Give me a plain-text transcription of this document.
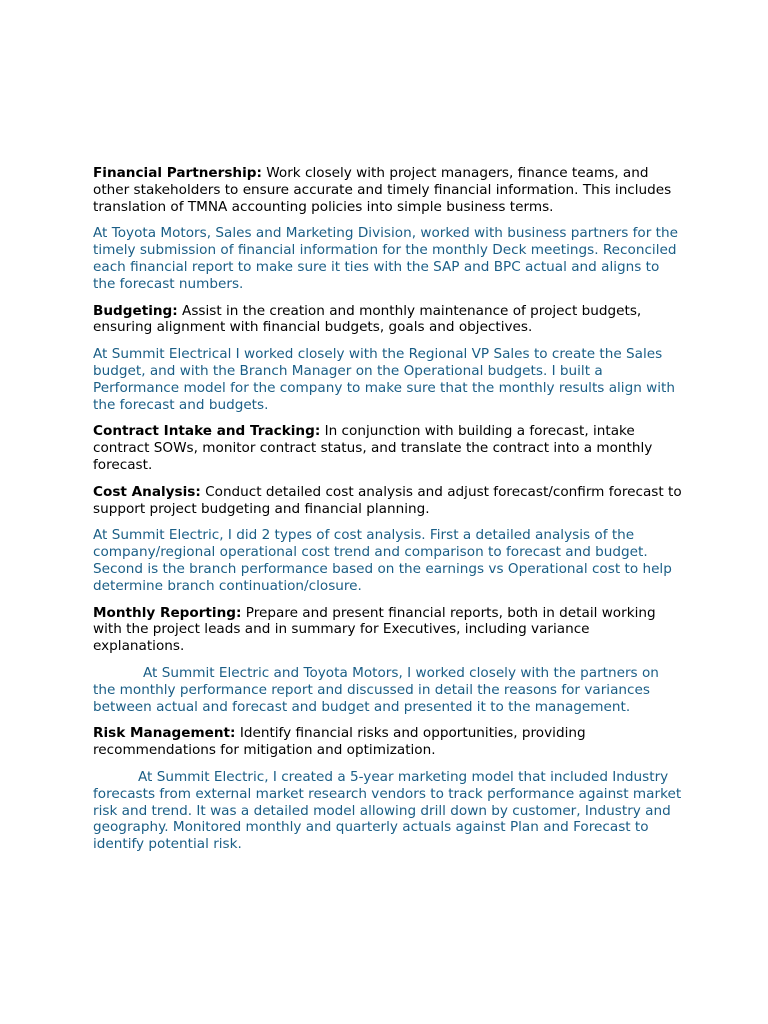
Financial Partnership: Work closely with project managers, finance teams, and other stakeholders to ensure accurate and timely financial information. This includes translation of TMNA accounting policies into simple business terms.

At Toyota Motors, Sales and Marketing Division, worked with business partners for the timely submission of financial information for the monthly Deck meetings. Reconciled each financial report to make sure it ties with the SAP and BPC actual and aligns to the forecast numbers.

Budgeting: Assist in the creation and monthly maintenance of project budgets, ensuring alignment with financial budgets, goals and objectives.

At Summit Electrical I worked closely with the Regional VP Sales to create the Sales budget, and with the Branch Manager on the Operational budgets. I built a Performance model for the company to make sure that the monthly results align with the forecast and budgets.

Contract Intake and Tracking: In conjunction with building a forecast, intake contract SOWs, monitor contract status, and translate the contract into a monthly forecast.

Cost Analysis: Conduct detailed cost analysis and adjust forecast/confirm forecast to support project budgeting and financial planning.

At Summit Electric, I did 2 types of cost analysis. First a detailed analysis of the company/regional operational cost trend and comparison to forecast and budget. Second is the branch performance based on the earnings vs Operational cost to help determine branch continuation/closure.

Monthly Reporting: Prepare and present financial reports, both in detail working with the project leads and in summary for Executives, including variance explanations.

At Summit Electric and Toyota Motors, I worked closely with the partners on the monthly performance report and discussed in detail the reasons for variances between actual and forecast and budget and presented it to the management.

Risk Management: Identify financial risks and opportunities, providing recommendations for mitigation and optimization.

At Summit Electric, I created a 5-year marketing model that included Industry forecasts from external market research vendors to track performance against market risk and trend. It was a detailed model allowing drill down by customer, Industry and geography. Monitored monthly and quarterly actuals against Plan and Forecast to identify potential risk.
